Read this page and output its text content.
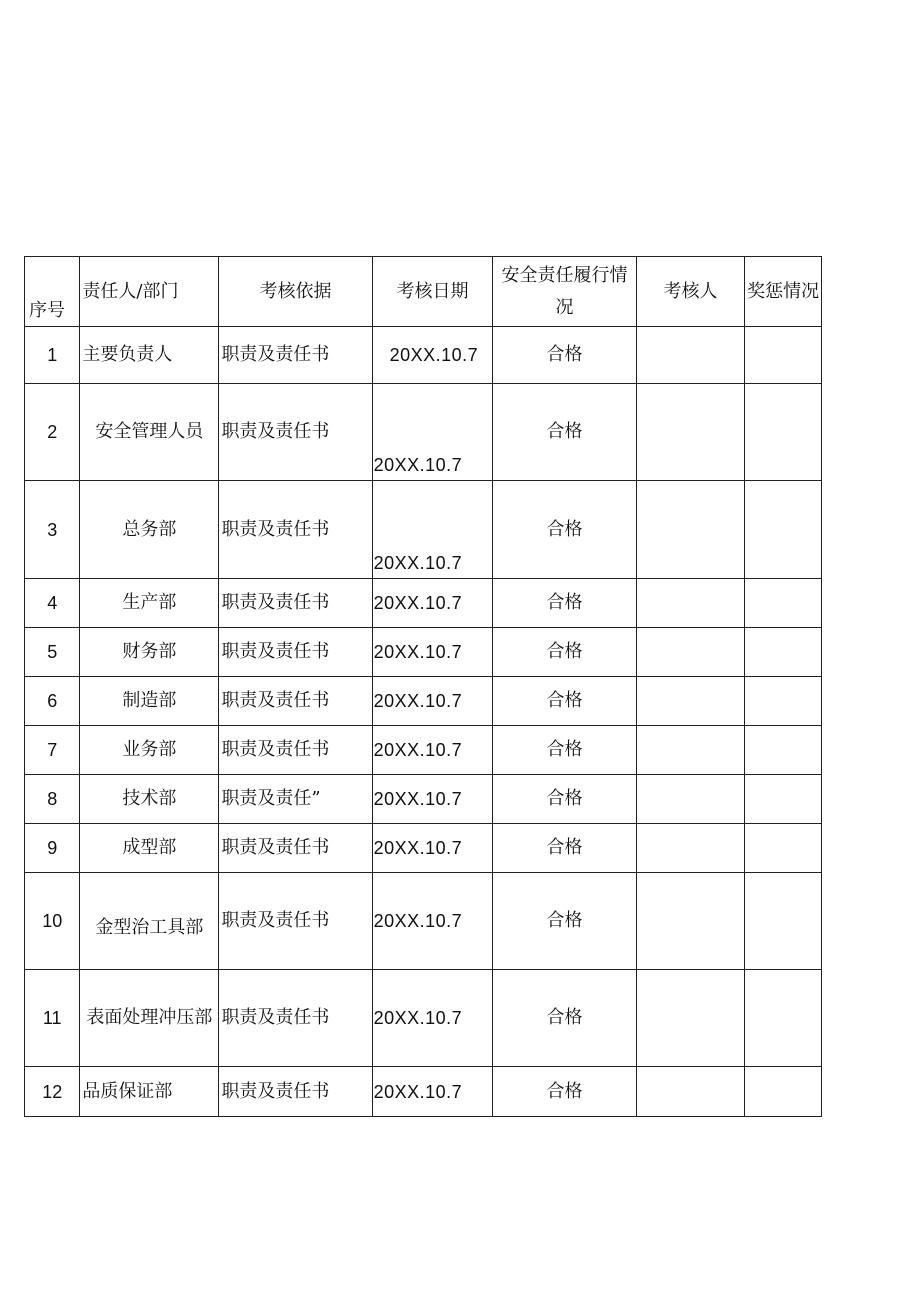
序号	责任人/部门	考核依据	考核日期	安全责任履行情况	考核人	奖惩情况
1	主要负责人	职责及责任书	20XX.10.7	合格		
2	安全管理人员	职责及责任书	20XX.10.7	合格		
3	总务部	职责及责任书	20XX.10.7	合格		
4	生产部	职责及责任书	20XX.10.7	合格		
5	财务部	职责及责任书	20XX.10.7	合格		
6	制造部	职责及责任书	20XX.10.7	合格		
7	业务部	职责及责任书	20XX.10.7	合格		
8	技术部	职责及责任”	20XX.10.7	合格		
9	成型部	职责及责任书	20XX.10.7	合格		
10	金型治工具部	职责及责任书	20XX.10.7	合格		
11	表面处理冲压部	职责及责任书	20XX.10.7	合格		
12	品质保证部	职责及责任书	20XX.10.7	合格		
